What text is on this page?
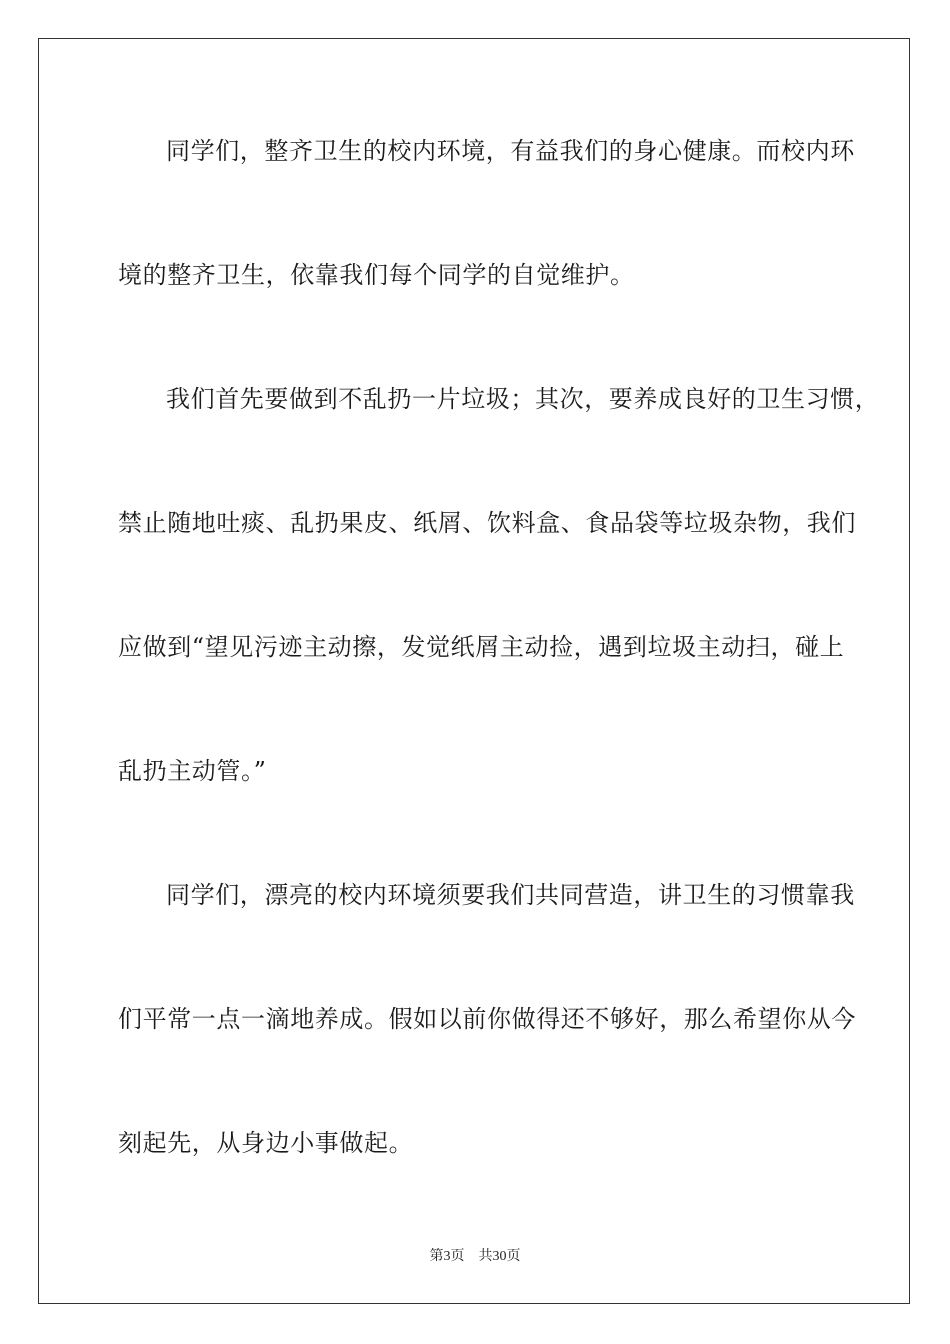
同学们，整齐卫生的校内环境，有益我们的身心健康。而校内环
境的整齐卫生，依靠我们每个同学的自觉维护。
我们首先要做到不乱扔一片垃圾；其次，要养成良好的卫生习惯，
禁止随地吐痰、乱扔果皮、纸屑、饮料盒、食品袋等垃圾杂物，我们
应做到“望见污迹主动擦，发觉纸屑主动捡，遇到垃圾主动扫，碰上
乱扔主动管。”
同学们，漂亮的校内环境须要我们共同营造，讲卫生的习惯靠我
们平常一点一滴地养成。假如以前你做得还不够好，那么希望你从今
刻起先，从身边小事做起。
第3页 共30页
